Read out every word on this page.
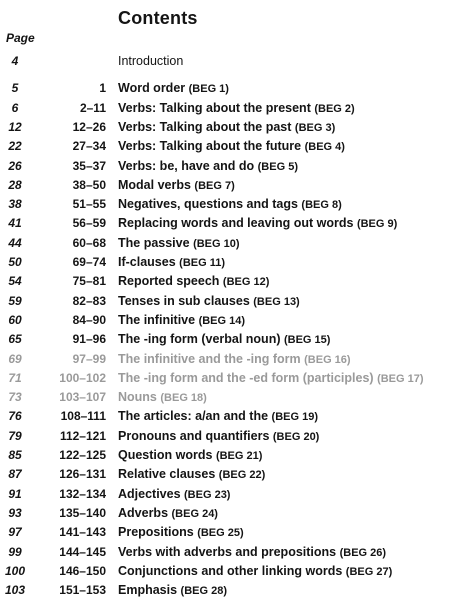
Contents
Page
4	Introduction
5	1 Word order (BEG 1)
6	2–11 Verbs: Talking about the present (BEG 2)
12	12–26 Verbs: Talking about the past (BEG 3)
22	27–34 Verbs: Talking about the future (BEG 4)
26	35–37 Verbs: be, have and do (BEG 5)
28	38–50 Modal verbs (BEG 7)
38	51–55 Negatives, questions and tags (BEG 8)
41	56–59 Replacing words and leaving out words (BEG 9)
44	60–68 The passive (BEG 10)
50	69–74 If-clauses (BEG 11)
54	75–81 Reported speech (BEG 12)
59	82–83 Tenses in sub clauses (BEG 13)
60	84–90 The infinitive (BEG 14)
65	91–96 The -ing form (verbal noun) (BEG 15)
69	97–99 The infinitive and the -ing form (BEG 16)
71	100–102 The -ing form and the -ed form (participles) (BEG 17)
73	103–107 Nouns (BEG 18)
76	108–111 The articles: a/an and the (BEG 19)
79	112–121 Pronouns and quantifiers (BEG 20)
85	122–125 Question words (BEG 21)
87	126–131 Relative clauses (BEG 22)
91	132–134 Adjectives (BEG 23)
93	135–140 Adverbs (BEG 24)
97	141–143 Prepositions (BEG 25)
99	144–145 Verbs with adverbs and prepositions (BEG 26)
100	146–150 Conjunctions and other linking words (BEG 27)
103	151–153 Emphasis (BEG 28)
